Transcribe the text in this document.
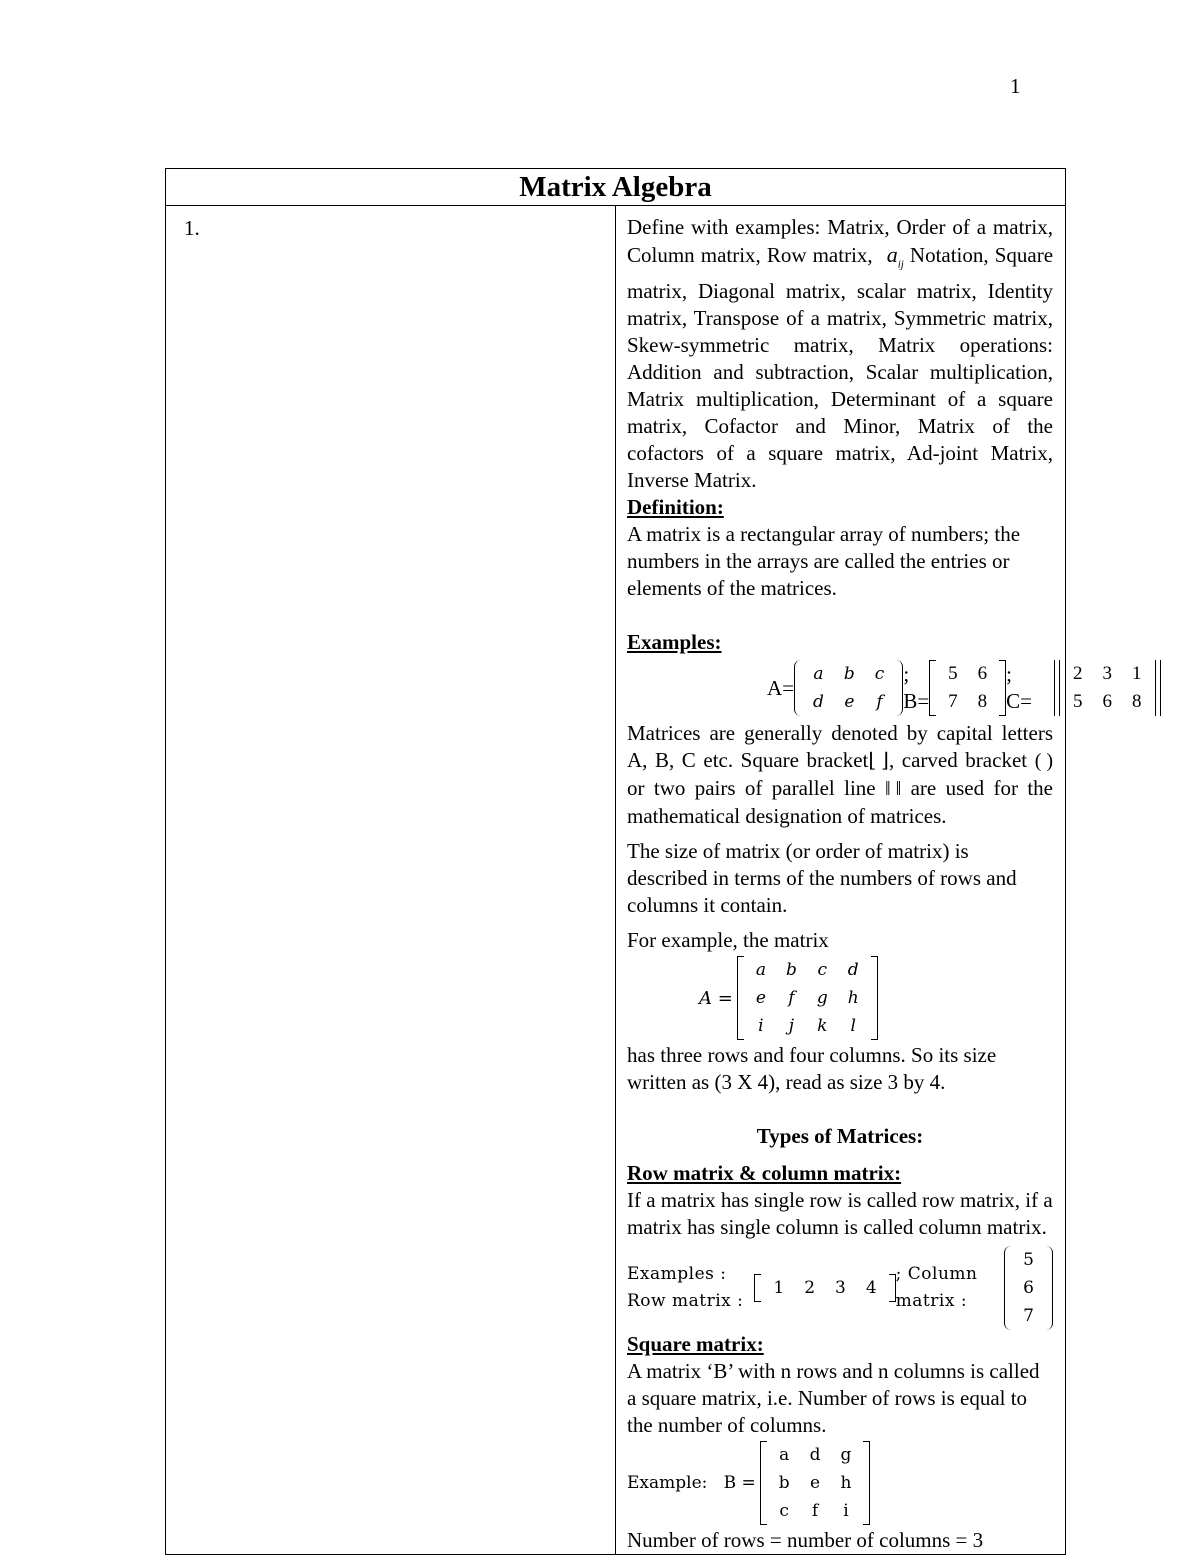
1
Matrix Algebra
1.	Define with examples: Matrix, Order of a matrix, Column matrix, Row matrix, $a_{ij}$ Notation, Square matrix, Diagonal matrix, scalar matrix, Identity matrix, Transpose of a matrix, Symmetric matrix, Skew-symmetric matrix, Matrix operations: Addition and subtraction, Scalar multiplication, Matrix multiplication, Determinant of a square matrix, Cofactor and Minor, Matrix of the cofactors of a square matrix, Ad-joint Matrix, Inverse Matrix.

Definition:

A matrix is a rectangular array of numbers; the numbers in the arrays are called the entries or elements of the matrices.

Examples:

A=
a	b	c
d	e	f
; B=
5	6
7	8
; C=
2	3	1
5	6	8

Matrices are generally denoted by capital letters A, B, C etc. Square bracket⌊ ⌋, carved bracket ( ) or two pairs of parallel line ‖ ‖ are used for the mathematical designation of matrices.

The size of matrix (or order of matrix) is described in terms of the numbers of rows and columns it contain.

For example, the matrix

A =
a	b	c	d
e	f	g	h
i	j	k	l

has three rows and four columns. So its size written as (3 X 4), read as size 3 by 4.

Types of Matrices:

Row matrix & column matrix:

If a matrix has single row is called row matrix, if a matrix has single column is called column matrix.

Examples : Row matrix :
1	2	3	4
; Column matrix :
5
6
7

Square matrix:

A matrix ‘B’ with n rows and n columns is called a square matrix, i.e. Number of rows is equal to the number of columns.

Example:   B =
a	d	g
b	e	h
c	f	i

Number of rows = number of columns = 3
